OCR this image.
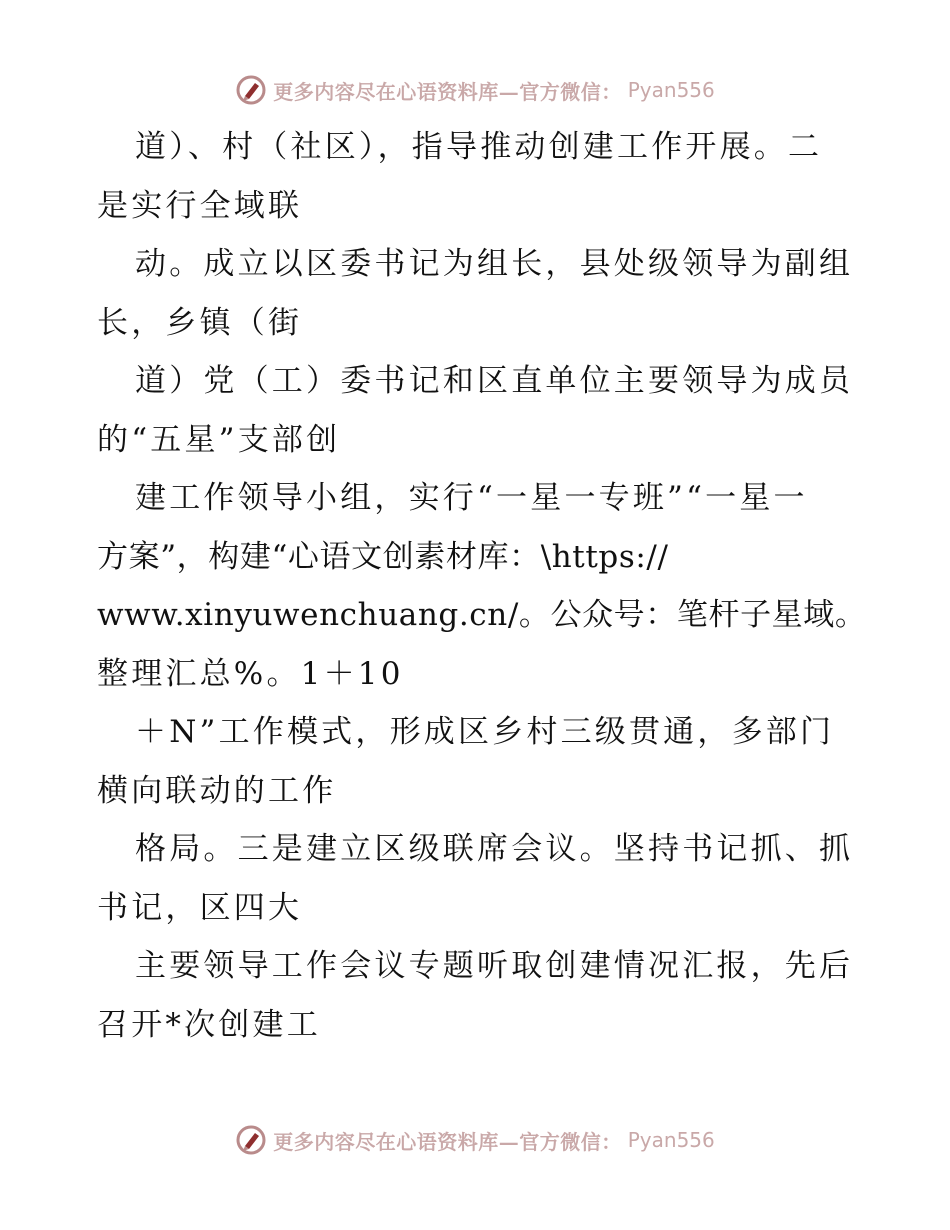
更多内容尽在心语资料库—官方微信： Pyan556
道）、村（社区），指导推动创建工作开展。二
是实行全域联
动。成立以区委书记为组长，县处级领导为副组
长，乡镇（街
道）党（工）委书记和区直单位主要领导为成员
的“五星”支部创
建工作领导小组，实行“一星一专班”“一星一
方案”，构建“心语文创素材库：\https://
www.xinyuwenchuang.cn/。公众号：笔杆子星域。
整理汇总%。1＋10
＋N”工作模式，形成区乡村三级贯通，多部门
横向联动的工作
格局。三是建立区级联席会议。坚持书记抓、抓
书记，区四大
主要领导工作会议专题听取创建情况汇报，先后
召开*次创建工
更多内容尽在心语资料库—官方微信： Pyan556
